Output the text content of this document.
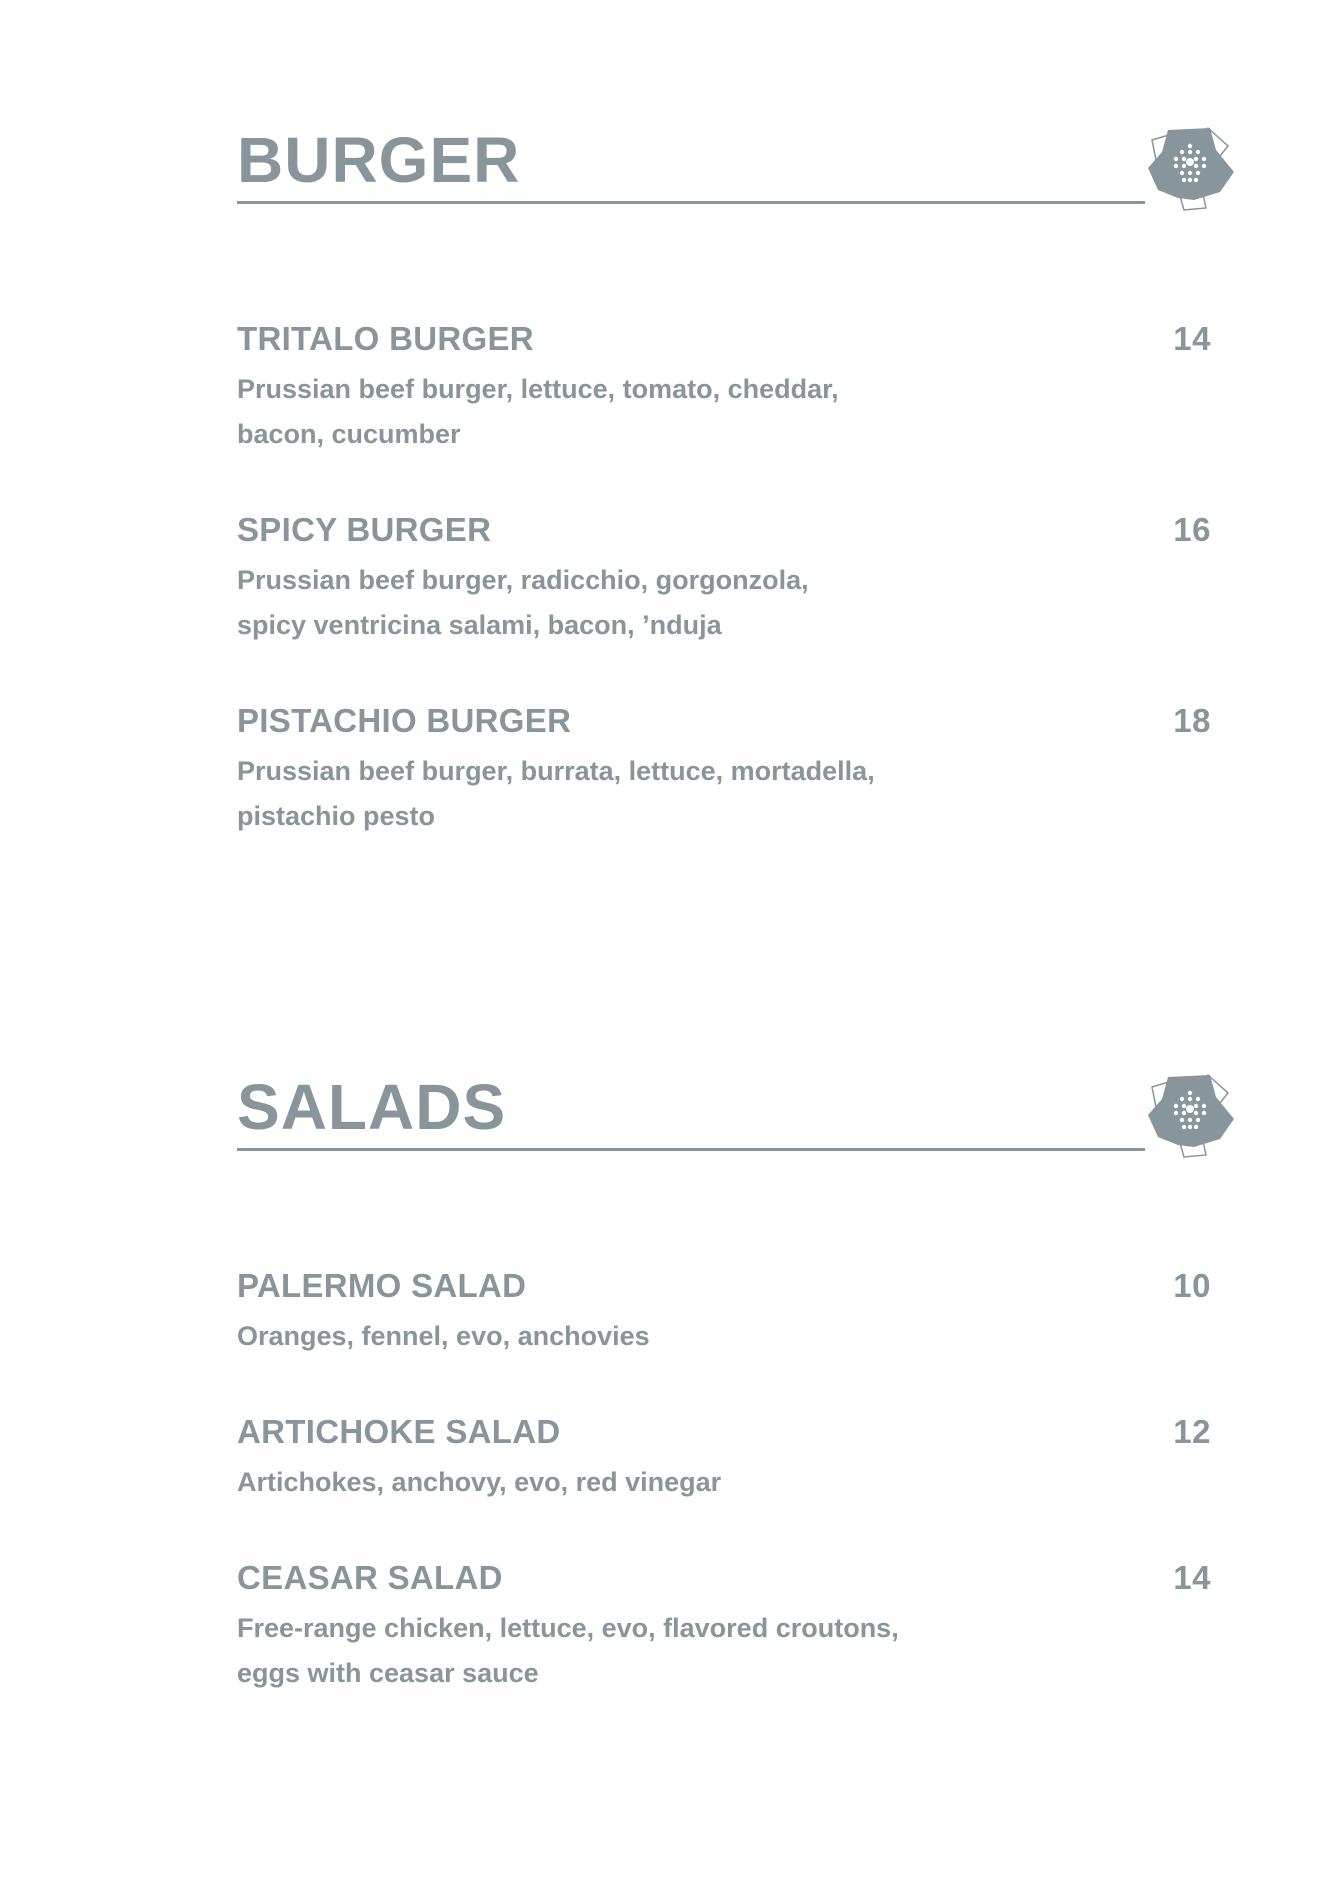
BURGER
TRITALO BURGER	14
Prussian beef burger, lettuce, tomato, cheddar,
bacon, cucumber
SPICY BURGER	16
Prussian beef burger, radicchio, gorgonzola,
spicy ventricina salami, bacon, ’nduja
PISTACHIO BURGER	18
Prussian beef burger, burrata, lettuce, mortadella,
pistachio pesto
SALADS
PALERMO SALAD	10
Oranges, fennel, evo, anchovies
ARTICHOKE SALAD	12
Artichokes, anchovy, evo, red vinegar
CEASAR SALAD	14
Free-range chicken, lettuce, evo, flavored croutons,
eggs with ceasar sauce
